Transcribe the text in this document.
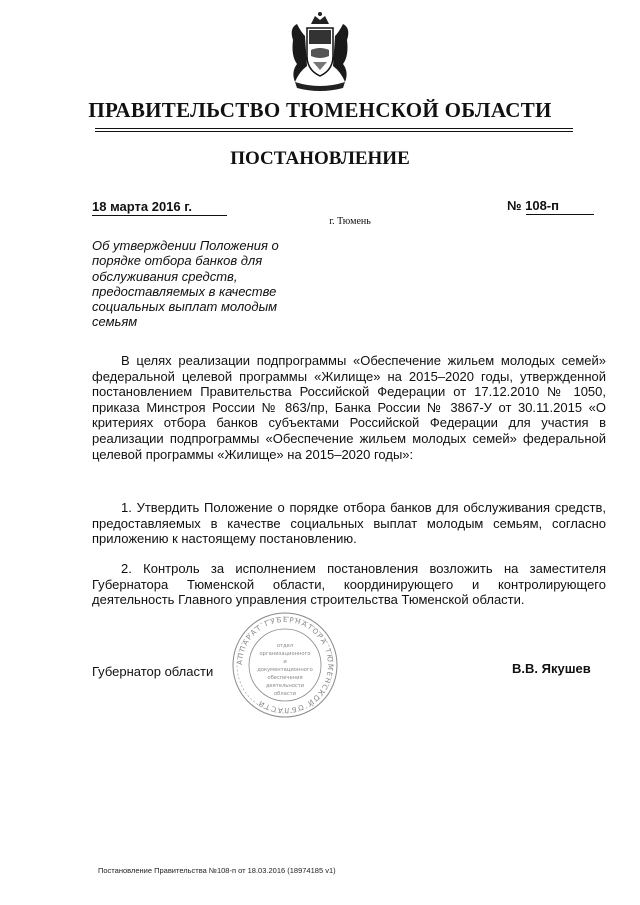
ПРАВИТЕЛЬСТВО ТЮМЕНСКОЙ ОБЛАСТИ
ПОСТАНОВЛЕНИЕ
18 марта 2016 г.	№ 108-п
г. Тюмень
Об утверждении Положения о порядке отбора банков для обслуживания средств, предоставляемых в качестве социальных выплат молодым семьям
В целях реализации подпрограммы «Обеспечение жильем молодых семей» федеральной целевой программы «Жилище» на 2015–2020 годы, утвержденной постановлением Правительства Российской Федерации от 17.12.2010 № 1050, приказа Минстроя России № 863/пр, Банка России № 3867-У от 30.11.2015 «О критериях отбора банков субъектами Российской Федерации для участия в реализации подпрограммы «Обеспечение жильем молодых семей» федеральной целевой программы «Жилище» на 2015–2020 годы»:
1. Утвердить Положение о порядке отбора банков для обслуживания средств, предоставляемых в качестве социальных выплат молодым семьям, согласно приложению к настоящему постановлению.
2. Контроль за исполнением постановления возложить на заместителя Губернатора Тюменской области, координирующего и контролирующего деятельность Главного управления строительства Тюменской области.
Губернатор области	В.В. Якушев
АППАРАТ ГУБЕРНАТОРА ТЮМЕНСКОЙ ОБЛАСТИ
отдел
организационного
и
документационного
обеспечения
деятельности
области
Постановление Правительства №108-п от 18.03.2016 (18974185 v1)
